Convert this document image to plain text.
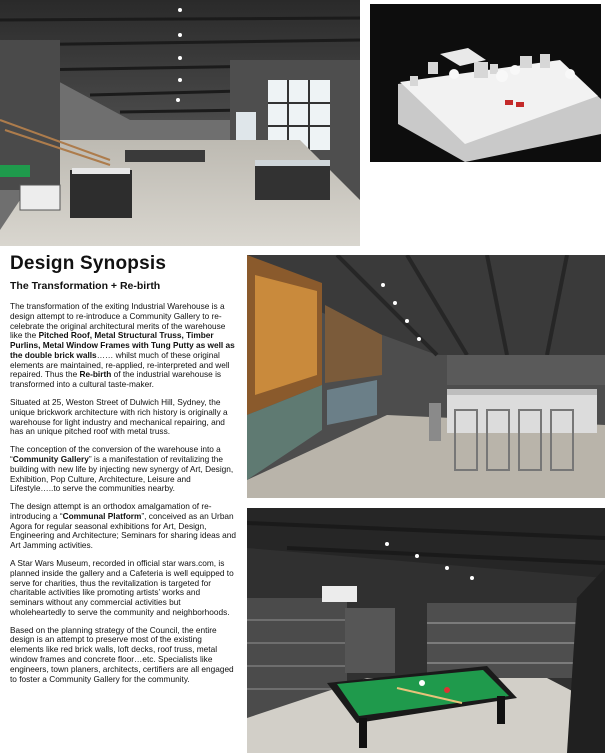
Design Synopsis
The Transformation + Re-birth

The transformation of the exiting Industrial Warehouse is a design attempt to re-introduce a Community Gallery to re-celebrate the original architectural merits of the warehouse like the Pitched Roof, Metal Structural Truss, Timber Purlins, Metal Window Frames with Tung Putty as well as the double brick walls…… whilst much of these original elements are maintained, re-applied, re-interpreted and well repaired. Thus the Re-birth of the industrial warehouse is transformed into a cultural taste-maker.

Situated at 25, Weston Street of Dulwich Hill, Sydney, the unique brickwork architecture with rich history is originally a warehouse for light industry and mechanical repairing, and has an unique pitched roof with metal truss.

The conception of the conversion of the warehouse into a “Community Gallery” is a manifestation of revitalizing the building with new life by injecting new synergy of Art, Design, Exhibition, Pop Culture, Architecture, Leisure and Lifestyle…..to serve the communities nearby.

The design attempt is an orthodox amalgamation of re-introducing a “Communal Platform”, conceived as an Urban Agora for regular seasonal exhibitions for Art, Design, Engineering and Architecture; Seminars for sharing ideas and Art Jamming activities.

A Star Wars Museum, recorded in official star wars.com, is planned inside the gallery and a Cafeteria is well equipped to serve for charities, thus the revitalization is targeted for charitable activities like promoting artists’ works and seminars without any commercial activities but wholeheartedly to serve the community and neighborhoods.

Based on the planning strategy of the Council, the entire design is an attempt to preserve most of the existing elements like red brick walls, loft decks, roof truss, metal window frames and concrete floor…etc. Specialists like engineers, town planers, architects, certifiers are all engaged to foster a Community Gallery for the community.
